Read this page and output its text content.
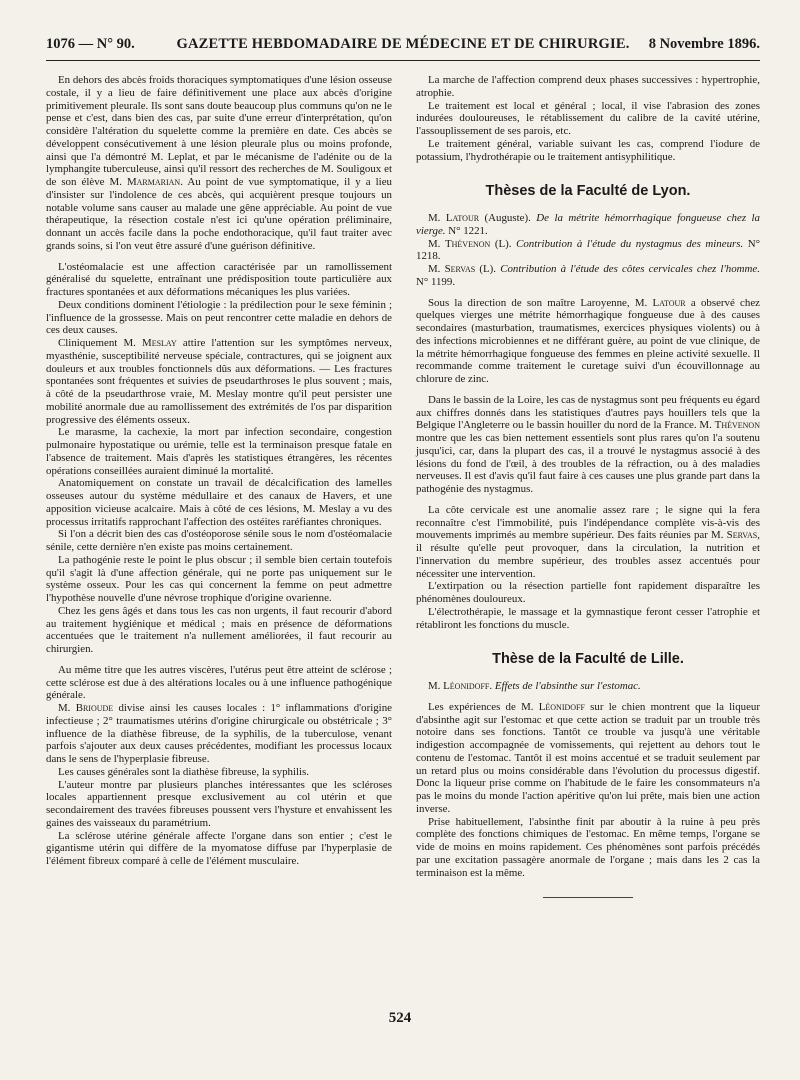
1076 — N° 90.	GAZETTE HEBDOMADAIRE DE MÉDECINE ET DE CHIRURGIE.	8 Novembre 1896.

En dehors des abcès froids thoraciques symptomatiques d'une lésion osseuse costale, il y a lieu de faire définitivement une place aux abcès d'origine primitivement pleurale. Ils sont sans doute beaucoup plus communs qu'on ne le pense et c'est, dans bien des cas, par suite d'une erreur d'interprétation, qu'on considère l'altération du squelette comme la première en date. Ces abcès se développent consécutivement à une lésion pleurale plus ou moins profonde, ainsi que l'a démontré M. Leplat, et par le mécanisme de l'adénite ou de la lymphangite tuberculeuse, ainsi qu'il ressort des recherches de M. Souligoux et de son élève M. Marmarian. Au point de vue symptomatique, il y a lieu d'insister sur l'indolence de ces abcès, qui acquièrent presque toujours un notable volume sans causer au malade une gêne appréciable. Au point de vue thérapeutique, la résection costale n'est ici qu'une opération préliminaire, donnant un accès facile dans la poche endothoracique, qu'il faut traiter avec grands soins, si l'on veut être assuré d'une guérison définitive.

L'ostéomalacie est une affection caractérisée par un ramollissement généralisé du squelette, entraînant une prédisposition toute particulière aux fractures spontanées et aux déformations mécaniques les plus variées.

Deux conditions dominent l'étiologie : la prédilection pour le sexe féminin ; l'influence de la grossesse. Mais on peut rencontrer cette maladie en dehors de ces deux causes.

Cliniquement M. Meslay attire l'attention sur les symptômes nerveux, myasthénie, susceptibilité nerveuse spéciale, contractures, qui se joignent aux douleurs et aux troubles fonctionnels dûs aux déformations. — Les fractures spontanées sont fréquentes et suivies de pseudarthroses le plus souvent ; mais, à côté de la pseudarthrose vraie, M. Meslay montre qu'il peut persister une mobilité anormale due au ramollissement des extrémités de l'os par disparition progressive des éléments osseux.

Le marasme, la cachexie, la mort par infection secondaire, congestion pulmonaire hypostatique ou urémie, telle est la terminaison presque fatale en l'absence de traitement. Mais d'après les statistiques étrangères, les récentes opérations conseillées auraient diminué la mortalité.

Anatomiquement on constate un travail de décalcification des lamelles osseuses autour du système médullaire et des canaux de Havers, et une apposition vicieuse acalcaire. Mais à côté de ces lésions, M. Meslay a vu des processus irritatifs rapprochant l'affection des ostéites raréfiantes chroniques.

Si l'on a décrit bien des cas d'ostéoporose sénile sous le nom d'ostéomalacie sénile, cette dernière n'en existe pas moins certainement.

La pathogénie reste le point le plus obscur ; il semble bien certain toutefois qu'il s'agit là d'une affection générale, qui ne porte pas uniquement sur le système osseux. Pour les cas qui concernent la femme on peut admettre l'hypothèse nouvelle d'une névrose trophique d'origine ovarienne.

Chez les gens âgés et dans tous les cas non urgents, il faut recourir d'abord au traitement hygiénique et médical ; mais en présence de déformations accentuées que le traitement n'a nullement améliorées, il faut recourir au chirurgien.

Au même titre que les autres viscères, l'utérus peut être atteint de sclérose ; cette sclérose est due à des altérations locales ou à une influence pathogénique générale.

M. Brioude divise ainsi les causes locales : 1° inflammations d'origine infectieuse ; 2° traumatismes utérins d'origine chirurgicale ou obstétricale ; 3° influence de la diathèse fibreuse, de la syphilis, de la tuberculose, venant parfois s'ajouter aux deux causes précédentes, modifiant les processus locaux dans le sens de l'hyperplasie fibreuse.

Les causes générales sont la diathèse fibreuse, la syphilis.

L'auteur montre par plusieurs planches intéressantes que les scléroses locales appartiennent presque exclusivement au col utérin et que secondairement des travées fibreuses poussent vers l'hysture et envahissent les gaines des vaisseaux du paramétrium.

La sclérose utérine générale affecte l'organe dans son entier ; c'est le gigantisme utérin qui diffère de la myomatose diffuse par l'hyperplasie de l'élément fibreux comparé à celle de l'élément musculaire.

La marche de l'affection comprend deux phases successives : hypertrophie, atrophie.

Le traitement est local et général ; local, il vise l'abrasion des zones indurées douloureuses, le rétablissement du calibre de la cavité utérine, l'assouplissement de ses parois, etc.

Le traitement général, variable suivant les cas, comprend l'iodure de potassium, l'hydrothérapie ou le traitement antisyphilitique.

Thèses de la Faculté de Lyon.

M. Latour (Auguste). De la métrite hémorrhagique fongueuse chez la vierge. N° 1221.

M. Thévenon (L). Contribution à l'étude du nystagmus des mineurs. N° 1218.

M. Servas (L). Contribution à l'étude des côtes cervicales chez l'homme. N° 1199.

Sous la direction de son maître Laroyenne, M. Latour a observé chez quelques vierges une métrite hémorrhagique fongueuse due à des causes secondaires (masturbation, traumatismes, exercices physiques violents) ou à des infections microbiennes et ne différant guère, au point de vue clinique, de la métrite hémorrhagique fongueuse des femmes en pleine activité sexuelle. Il recommande comme traitement le curetage suivi d'un écouvillonnage au chlorure de zinc.

Dans le bassin de la Loire, les cas de nystagmus sont peu fréquents eu égard aux chiffres donnés dans les statistiques d'autres pays houillers tels que la Belgique l'Angleterre ou le bassin houiller du nord de la France. M. Thévenon montre que les cas bien nettement essentiels sont plus rares qu'on l'a soutenu jusqu'ici, car, dans la plupart des cas, il a trouvé le nystagmus associé à des lésions du fond de l'œil, à des troubles de la réfraction, ou à des maladies nerveuses. Il est d'avis qu'il faut faire à ces causes une plus grande part dans la pathogénie des nystagmus.

La côte cervicale est une anomalie assez rare ; le signe qui la fera reconnaître c'est l'immobilité, puis l'indépendance complète vis-à-vis des mouvements imprimés au membre supérieur. Des faits réunies par M. Servas, il résulte qu'elle peut provoquer, dans la circulation, la nutrition et l'innervation du membre supérieur, des troubles assez accentués pour nécessiter une intervention.

L'extirpation ou la résection partielle font rapidement disparaître les phénomènes douloureux.

L'électrothérapie, le massage et la gymnastique feront cesser l'atrophie et rétabliront les fonctions du muscle.

Thèse de la Faculté de Lille.

M. Léonidoff. Effets de l'absinthe sur l'estomac.

Les expériences de M. Léonidoff sur le chien montrent que la liqueur d'absinthe agit sur l'estomac et que cette action se traduit par un trouble très notoire dans ses fonctions. Tantôt ce trouble va jusqu'à une véritable indigestion accompagnée de vomissements, qui rejettent au dehors tout le contenu de l'estomac. Tantôt il est moins accentué et se traduit seulement par un retard plus ou moins considérable dans l'évolution du processus digestif. Donc la liqueur prise comme on l'habitude de le faire les consommateurs n'a pas le moins du monde l'action apéritive qu'on lui prête, mais bien une action inverse.

Prise habituellement, l'absinthe finit par aboutir à la ruine à peu près complète des fonctions chimiques de l'estomac. En même temps, l'organe se vide de moins en moins rapidement. Ces phénomènes sont parfois précédés par une excitation passagère anormale de l'organe ; mais dans les 2 cas la terminaison est la même.

524
